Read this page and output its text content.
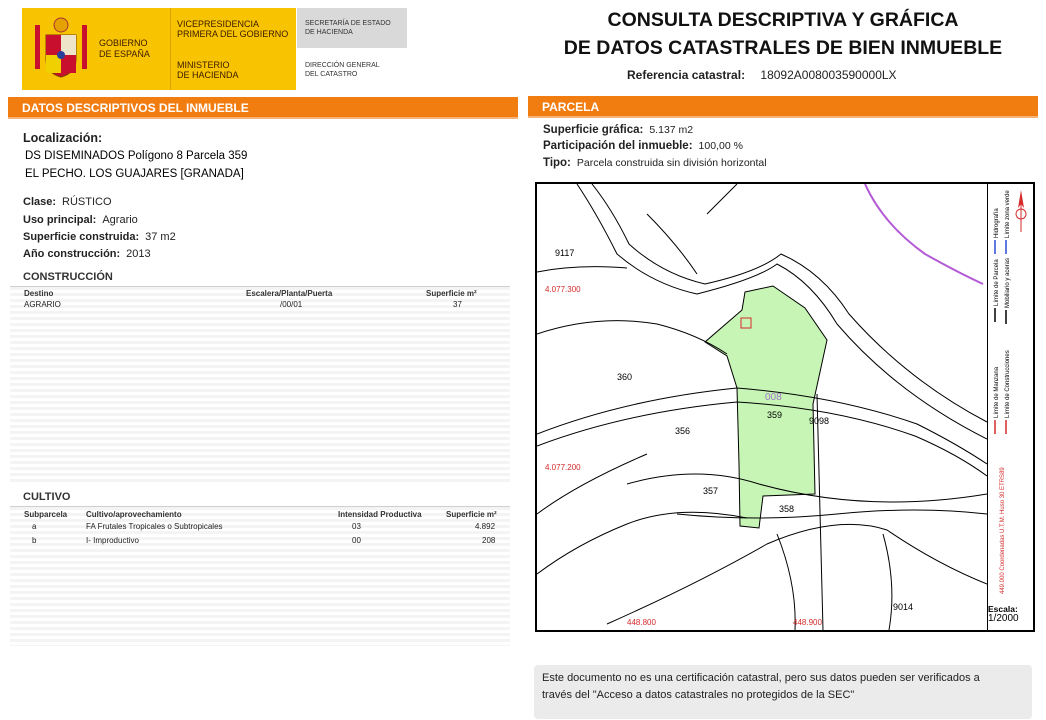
GOBIERNO
DE ESPAÑA
VICEPRESIDENCIA
PRIMERA DEL GOBIERNO
MINISTERIO
DE HACIENDA
SECRETARÍA DE ESTADO
DE HACIENDA
DIRECCIÓN GENERAL
DEL CATASTRO
CONSULTA DESCRIPTIVA Y GRÁFICA
DE DATOS CATASTRALES DE BIEN INMUEBLE
Referencia catastral: 18092A008003590000LX
DATOS DESCRIPTIVOS DEL INMUEBLE
Localización:
DS DISEMINADOS Polígono 8 Parcela 359
EL PECHO. LOS GUAJARES [GRANADA]
Clase: RÚSTICO
Uso principal: Agrario
Superficie construida: 37 m2
Año construcción: 2013
CONSTRUCCIÓN
Destino	Escalera/Planta/Puerta	Superficie m²
AGRARIO	/00/01	37
CULTIVO
Subparcela Cultivo/aprovechamiento	Intensidad Productiva	Superficie m²
a	FA Frutales Tropicales o Subtropicales	03	4.892
b	I- Improductivo	00	208
PARCELA
Superficie gráfica: 5.137 m2
Participación del inmueble: 100,00 %
Tipo: Parcela construida sin división horizontal
9117
360
356
357
358
359
9098
9014
008
4.077.300
4.077.200
448.800	448.900
Límite de Manzana Límite de Construcciones
Límite de Parcela Mobiliario y aceras
Hidrografía Límite zona verde
449.000 Coordenadas U.T.M. Huso 30 ETRS89
Escala:
1/2000
Este documento no es una certificación catastral, pero sus datos pueden ser verificados a
través del "Acceso a datos catastrales no protegidos de la SEC"
